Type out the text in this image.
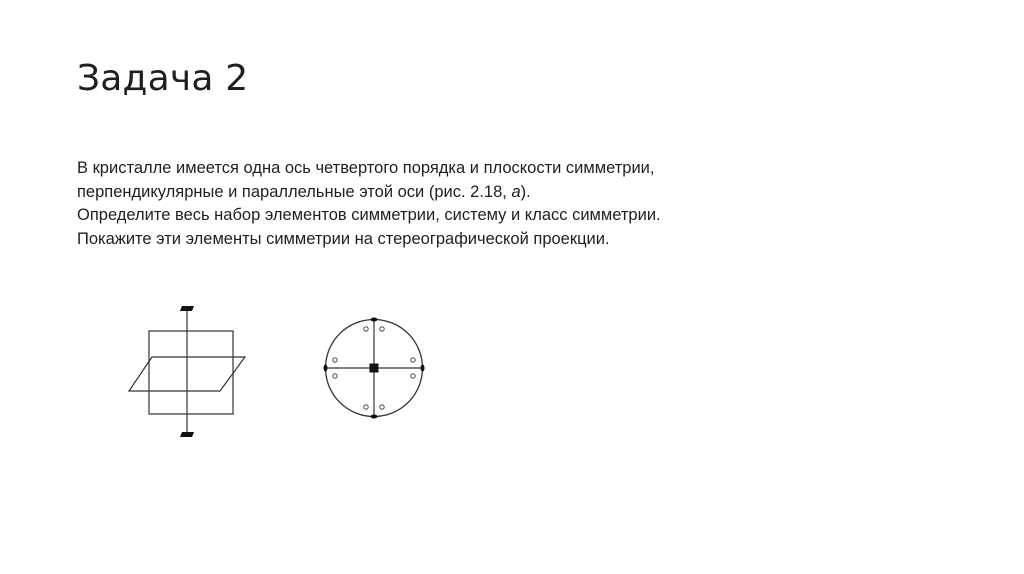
Задача 2
В кристалле имеется одна ось четвертого порядка и плоскости симметрии,
перпендикулярные и параллельные этой оси (рис. 2.18, а).
Определите весь набор элементов симметрии, систему и класс симметрии.
Покажите эти элементы симметрии на стереографической проекции.
